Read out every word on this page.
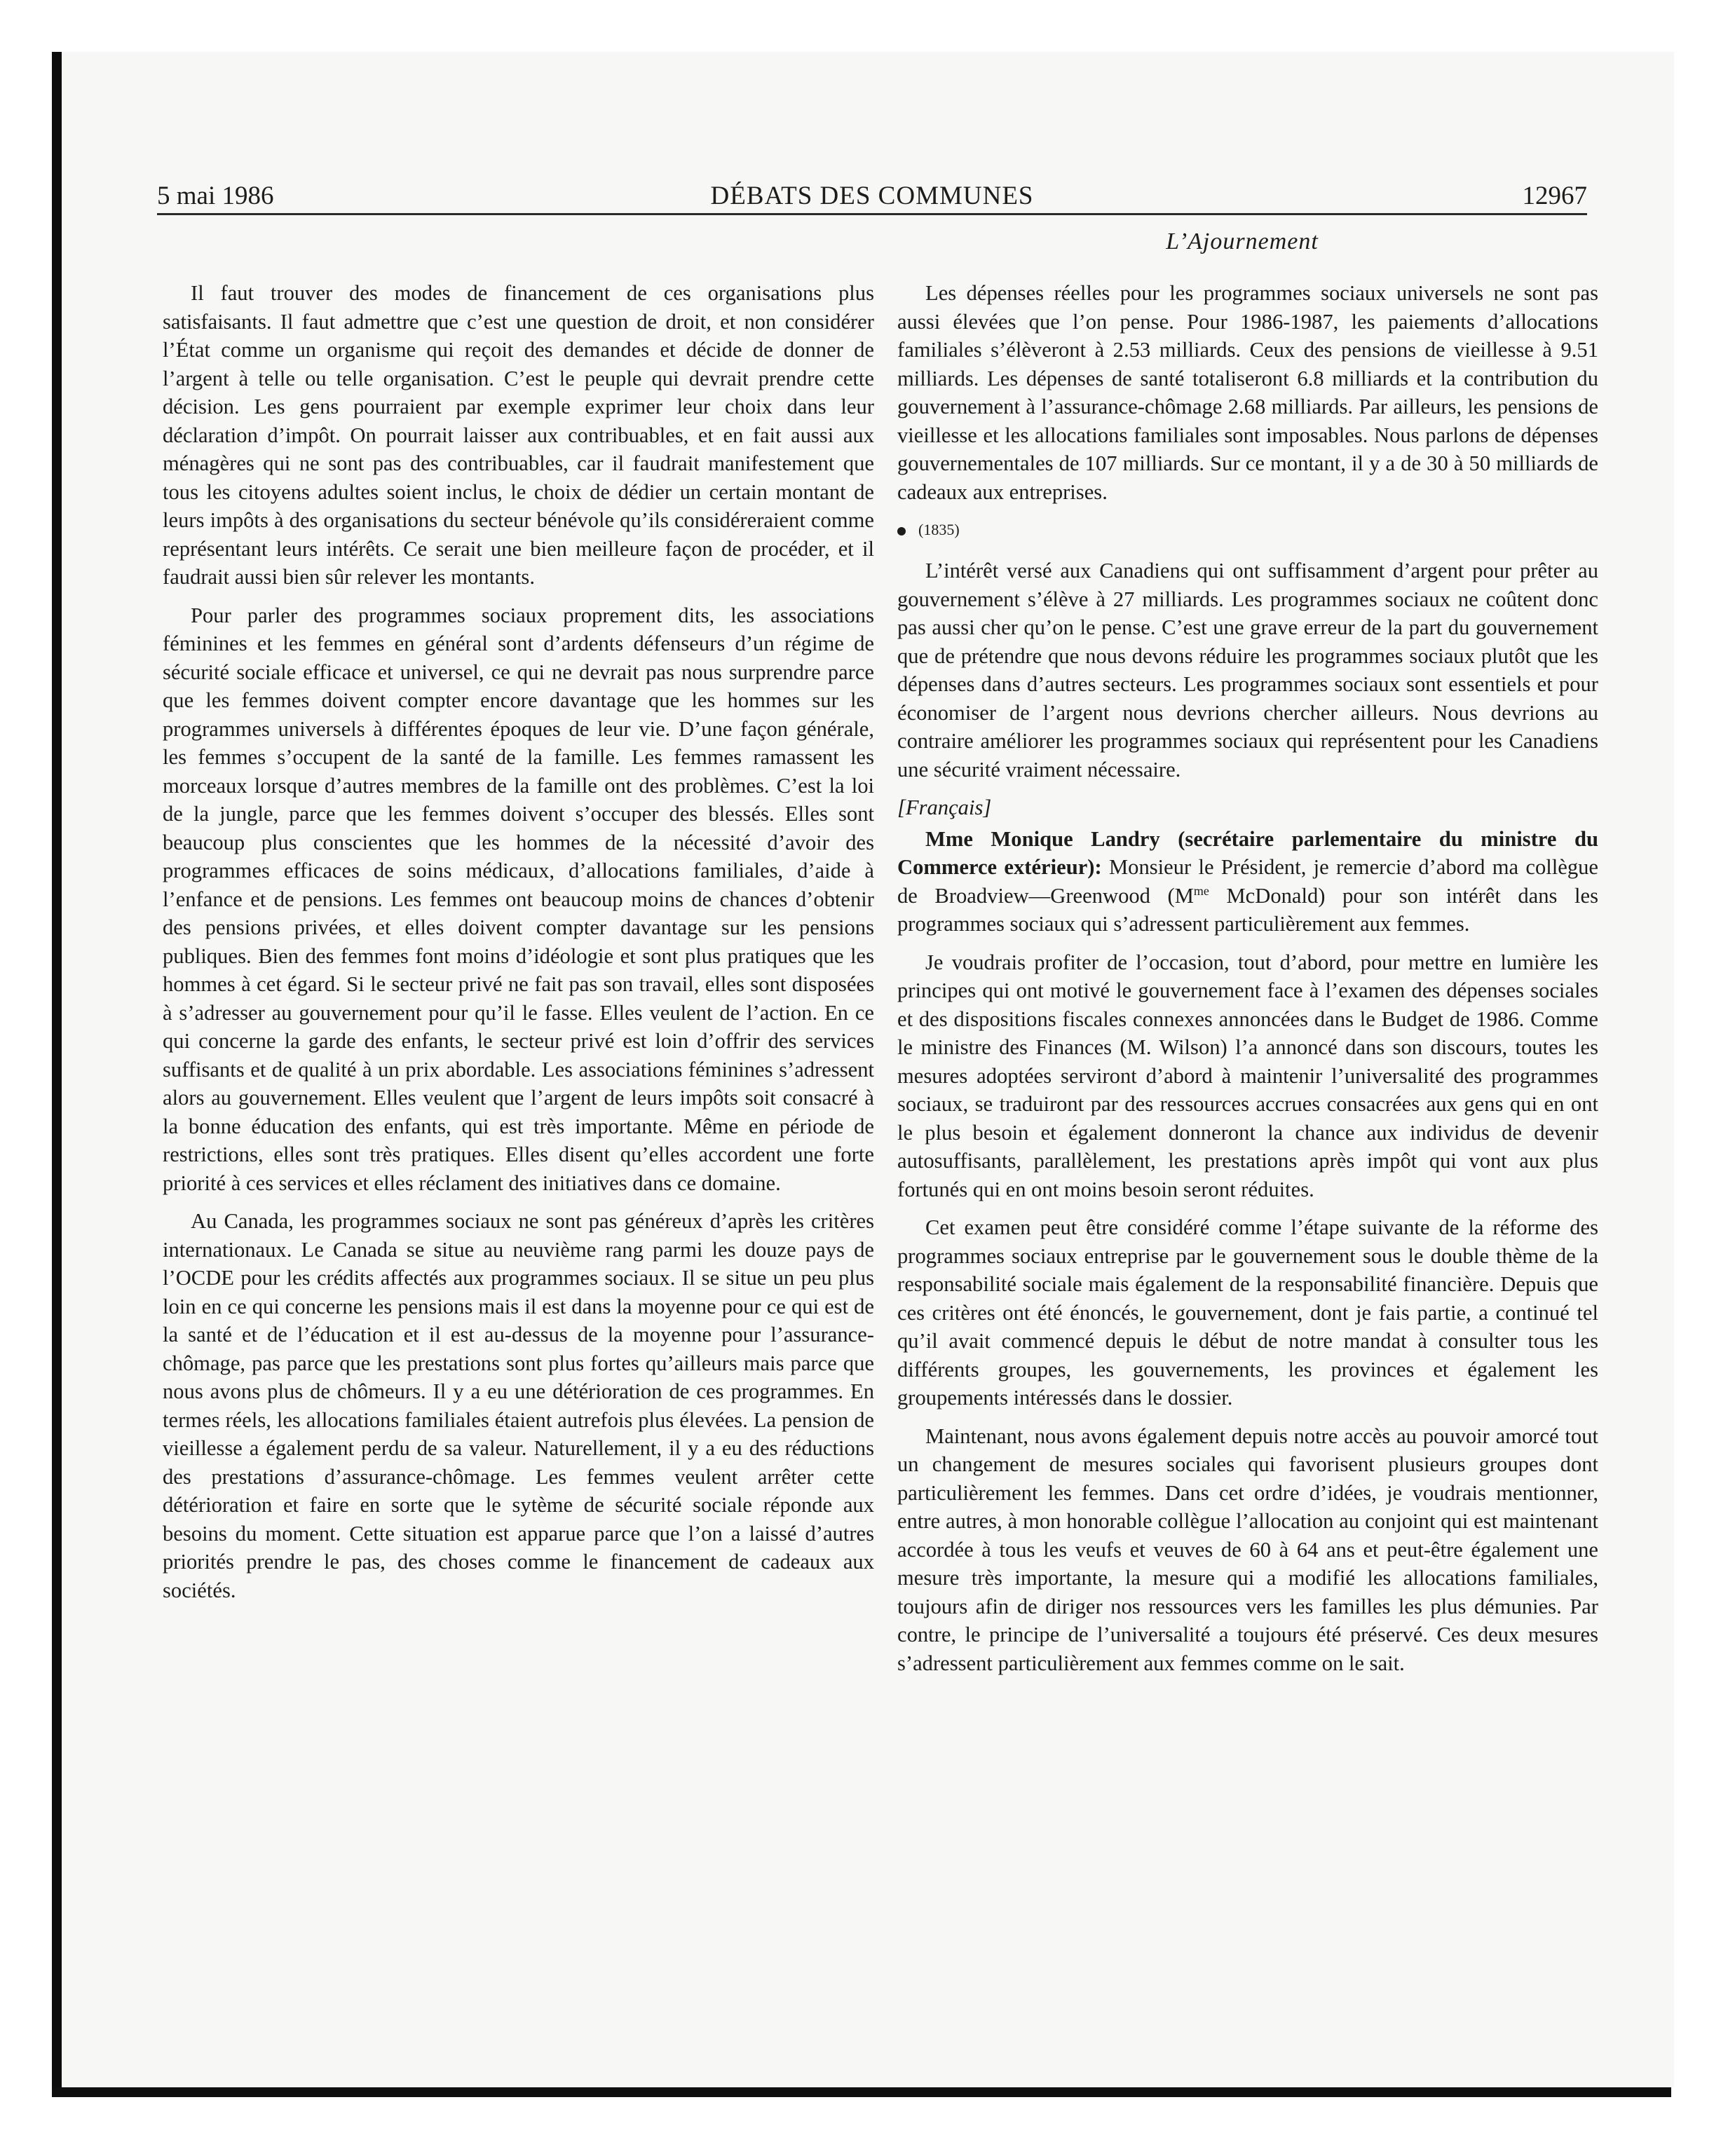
DÉBATS DES COMMUNES
5 mai 1986	12967
L’Ajournement

Il faut trouver des modes de financement de ces organisations plus satisfaisants. Il faut admettre que c’est une question de droit, et non considérer l’État comme un organisme qui reçoit des demandes et décide de donner de l’argent à telle ou telle organisation. C’est le peuple qui devrait prendre cette décision. Les gens pourraient par exemple exprimer leur choix dans leur déclaration d’impôt. On pourrait laisser aux contribuables, et en fait aussi aux ménagères qui ne sont pas des contribuables, car il faudrait manifestement que tous les citoyens adultes soient inclus, le choix de dédier un certain montant de leurs impôts à des organisations du secteur bénévole qu’ils considéreraient comme représentant leurs intérêts. Ce serait une bien meilleure façon de procéder, et il faudrait aussi bien sûr relever les montants.

Pour parler des programmes sociaux proprement dits, les associations féminines et les femmes en général sont d’ardents défenseurs d’un régime de sécurité sociale efficace et universel, ce qui ne devrait pas nous surprendre parce que les femmes doivent compter encore davantage que les hommes sur les programmes universels à différentes époques de leur vie. D’une façon générale, les femmes s’occupent de la santé de la famille. Les femmes ramassent les morceaux lorsque d’autres membres de la famille ont des problèmes. C’est la loi de la jungle, parce que les femmes doivent s’occuper des blessés. Elles sont beaucoup plus conscientes que les hommes de la nécessité d’avoir des programmes efficaces de soins médicaux, d’allocations familiales, d’aide à l’enfance et de pensions. Les femmes ont beaucoup moins de chances d’obtenir des pensions privées, et elles doivent compter davantage sur les pensions publiques. Bien des femmes font moins d’idéologie et sont plus pratiques que les hommes à cet égard. Si le secteur privé ne fait pas son travail, elles sont disposées à s’adresser au gouvernement pour qu’il le fasse. Elles veulent de l’action. En ce qui concerne la garde des enfants, le secteur privé est loin d’offrir des services suffisants et de qualité à un prix abordable. Les associations féminines s’adressent alors au gouvernement. Elles veulent que l’argent de leurs impôts soit consacré à la bonne éducation des enfants, qui est très importante. Même en période de restrictions, elles sont très pratiques. Elles disent qu’elles accordent une forte priorité à ces services et elles réclament des initiatives dans ce domaine.

Au Canada, les programmes sociaux ne sont pas généreux d’après les critères internationaux. Le Canada se situe au neuvième rang parmi les douze pays de l’OCDE pour les crédits affectés aux programmes sociaux. Il se situe un peu plus loin en ce qui concerne les pensions mais il est dans la moyenne pour ce qui est de la santé et de l’éducation et il est au-dessus de la moyenne pour l’assurance-chômage, pas parce que les prestations sont plus fortes qu’ailleurs mais parce que nous avons plus de chômeurs. Il y a eu une détérioration de ces programmes. En termes réels, les allocations familiales étaient autrefois plus élevées. La pension de vieillesse a également perdu de sa valeur. Naturellement, il y a eu des réductions des prestations d’assurance-chômage. Les femmes veulent arrêter cette détérioration et faire en sorte que le sytème de sécurité sociale réponde aux besoins du moment. Cette situation est apparue parce que l’on a laissé d’autres priorités prendre le pas, des choses comme le financement de cadeaux aux sociétés.

Les dépenses réelles pour les programmes sociaux universels ne sont pas aussi élevées que l’on pense. Pour 1986-1987, les paiements d’allocations familiales s’élèveront à 2.53 milliards. Ceux des pensions de vieillesse à 9.51 milliards. Les dépenses de santé totaliseront 6.8 milliards et la contribution du gouvernement à l’assurance-chômage 2.68 milliards. Par ailleurs, les pensions de vieillesse et les allocations familiales sont imposables. Nous parlons de dépenses gouvernementales de 107 milliards. Sur ce montant, il y a de 30 à 50 milliards de cadeaux aux entreprises.

(1835)

L’intérêt versé aux Canadiens qui ont suffisamment d’argent pour prêter au gouvernement s’élève à 27 milliards. Les programmes sociaux ne coûtent donc pas aussi cher qu’on le pense. C’est une grave erreur de la part du gouvernement que de prétendre que nous devons réduire les programmes sociaux plutôt que les dépenses dans d’autres secteurs. Les programmes sociaux sont essentiels et pour économiser de l’argent nous devrions chercher ailleurs. Nous devrions au contraire améliorer les programmes sociaux qui représentent pour les Canadiens une sécurité vraiment nécessaire.

[Français]

Mme Monique Landry (secrétaire parlementaire du ministre du Commerce extérieur): Monsieur le Président, je remercie d’abord ma collègue de Broadview—Greenwood ($M^{me}$ McDonald) pour son intérêt dans les programmes sociaux qui s’adressent particulièrement aux femmes.

Je voudrais profiter de l’occasion, tout d’abord, pour mettre en lumière les principes qui ont motivé le gouvernement face à l’examen des dépenses sociales et des dispositions fiscales connexes annoncées dans le Budget de 1986. Comme le ministre des Finances (M. Wilson) l’a annoncé dans son discours, toutes les mesures adoptées serviront d’abord à maintenir l’universalité des programmes sociaux, se traduiront par des ressources accrues consacrées aux gens qui en ont le plus besoin et également donneront la chance aux individus de devenir autosuffisants, parallèlement, les prestations après impôt qui vont aux plus fortunés qui en ont moins besoin seront réduites.

Cet examen peut être considéré comme l’étape suivante de la réforme des programmes sociaux entreprise par le gouvernement sous le double thème de la responsabilité sociale mais également de la responsabilité financière. Depuis que ces critères ont été énoncés, le gouvernement, dont je fais partie, a continué tel qu’il avait commencé depuis le début de notre mandat à consulter tous les différents groupes, les gouvernements, les provinces et également les groupements intéressés dans le dossier.

Maintenant, nous avons également depuis notre accès au pouvoir amorcé tout un changement de mesures sociales qui favorisent plusieurs groupes dont particulièrement les femmes. Dans cet ordre d’idées, je voudrais mentionner, entre autres, à mon honorable collègue l’allocation au conjoint qui est maintenant accordée à tous les veufs et veuves de 60 à 64 ans et peut-être également une mesure très importante, la mesure qui a modifié les allocations familiales, toujours afin de diriger nos ressources vers les familles les plus démunies. Par contre, le principe de l’universalité a toujours été préservé. Ces deux mesures s’adressent particulièrement aux femmes comme on le sait.
